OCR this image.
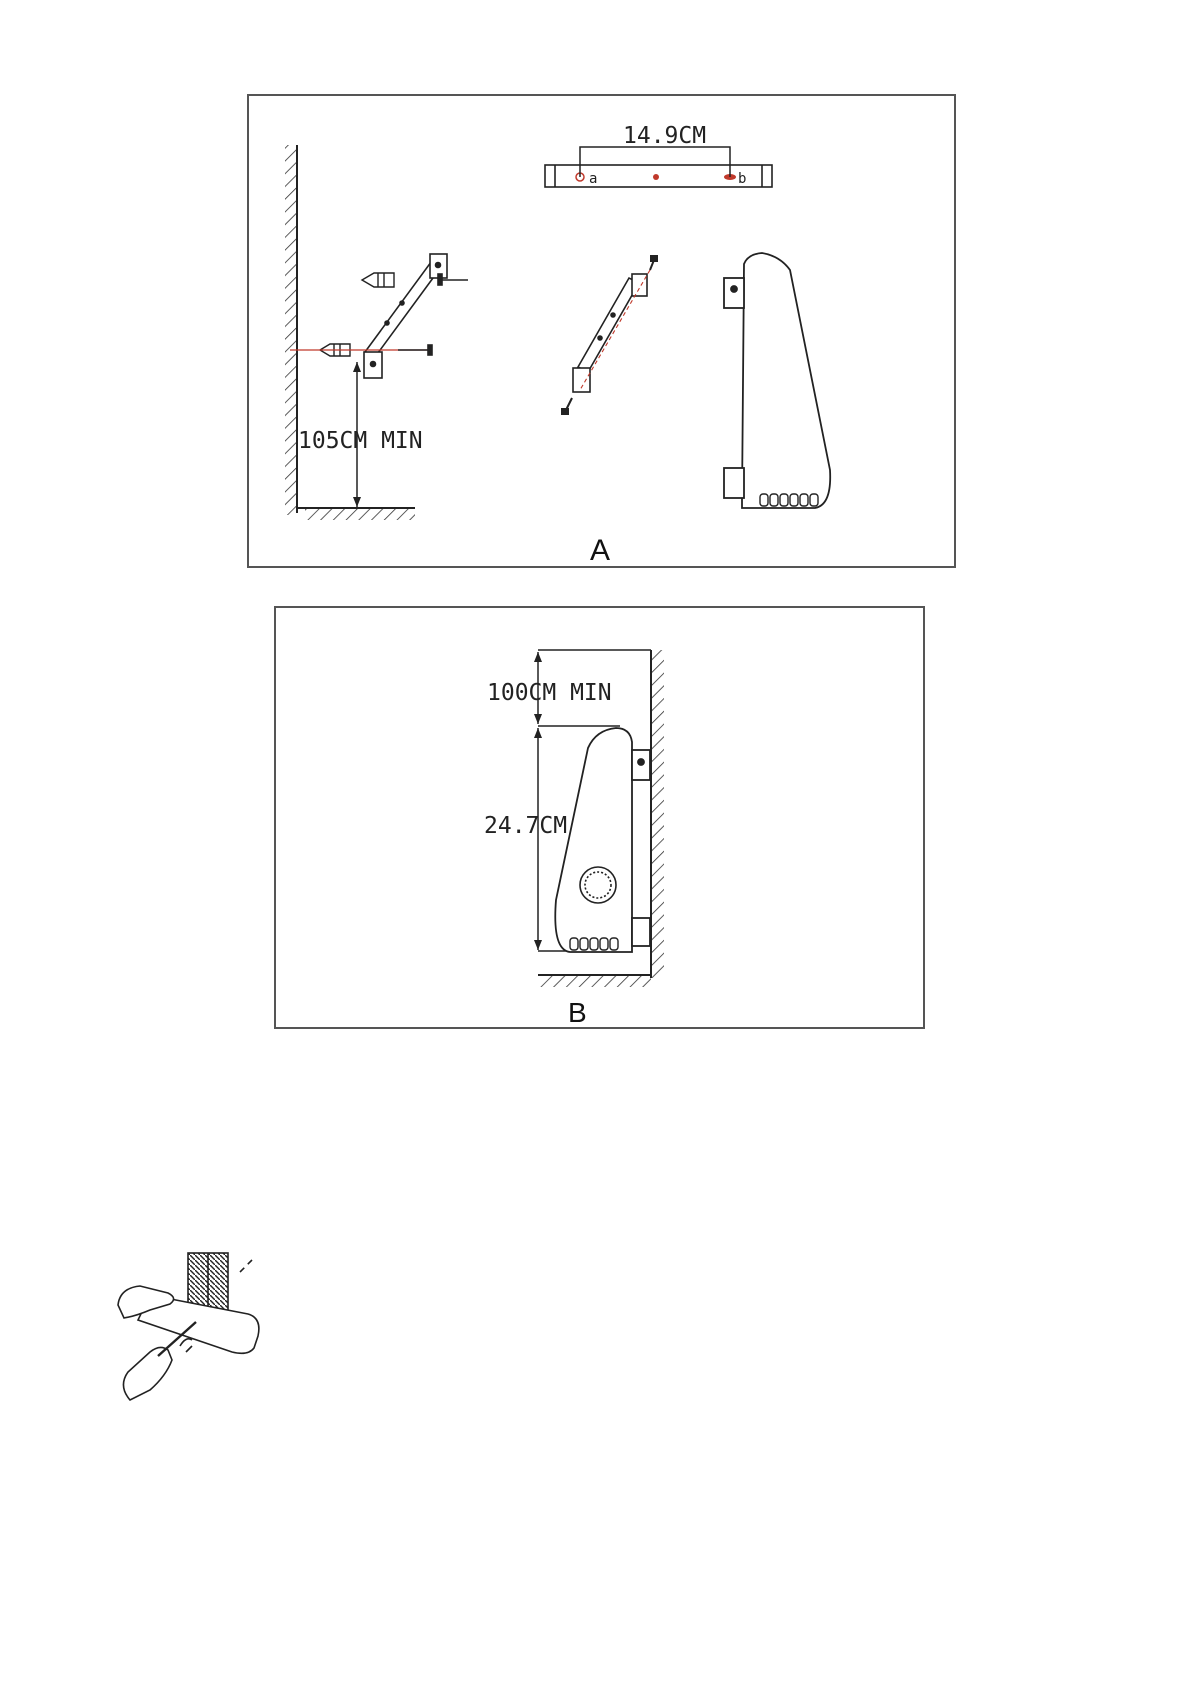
105CM MIN
a	b
14.9CM
A
100CM MIN
24.7CM
B
